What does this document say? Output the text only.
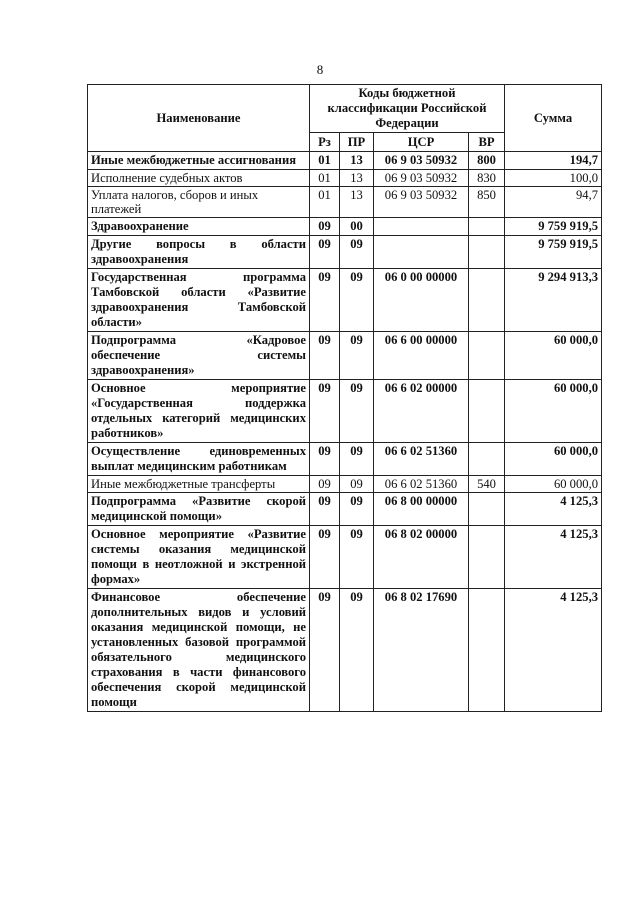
8
Наименование	Коды бюджетной классификации Российской Федерации				Сумма
	Рз	ПР	ЦСР	ВР	
Иные межбюджетные ассигнования	01	13	06 9 03 50932	800	194,7
Исполнение судебных актов	01	13	06 9 03 50932	830	100,0
Уплата налогов, сборов и иных платежей	01	13	06 9 03 50932	850	94,7
Здравоохранение	09	00			9 759 919,5
Другие вопросы в области здравоохранения	09	09			9 759 919,5
Государственная программа Тамбовской области «Развитие здравоохранения Тамбовской области»	09	09	06 0 00 00000		9 294 913,3
Подпрограмма «Кадровое обеспечение системы здравоохранения»	09	09	06 6 00 00000		60 000,0
Основное мероприятие «Государственная поддержка отдельных категорий медицинских работников»	09	09	06 6 02 00000		60 000,0
Осуществление единовременных выплат медицинским работникам	09	09	06 6 02 51360		60 000,0
Иные межбюджетные трансферты	09	09	06 6 02 51360	540	60 000,0
Подпрограмма «Развитие скорой медицинской помощи»	09	09	06 8 00 00000		4 125,3
Основное мероприятие «Развитие системы оказания медицинской помощи в неотложной и экстренной формах»	09	09	06 8 02 00000		4 125,3
Финансовое обеспечение дополнительных видов и условий оказания медицинской помощи, не установленных базовой программой обязательного медицинского страхования в части финансового обеспечения скорой медицинской помощи	09	09	06 8 02 17690		4 125,3
